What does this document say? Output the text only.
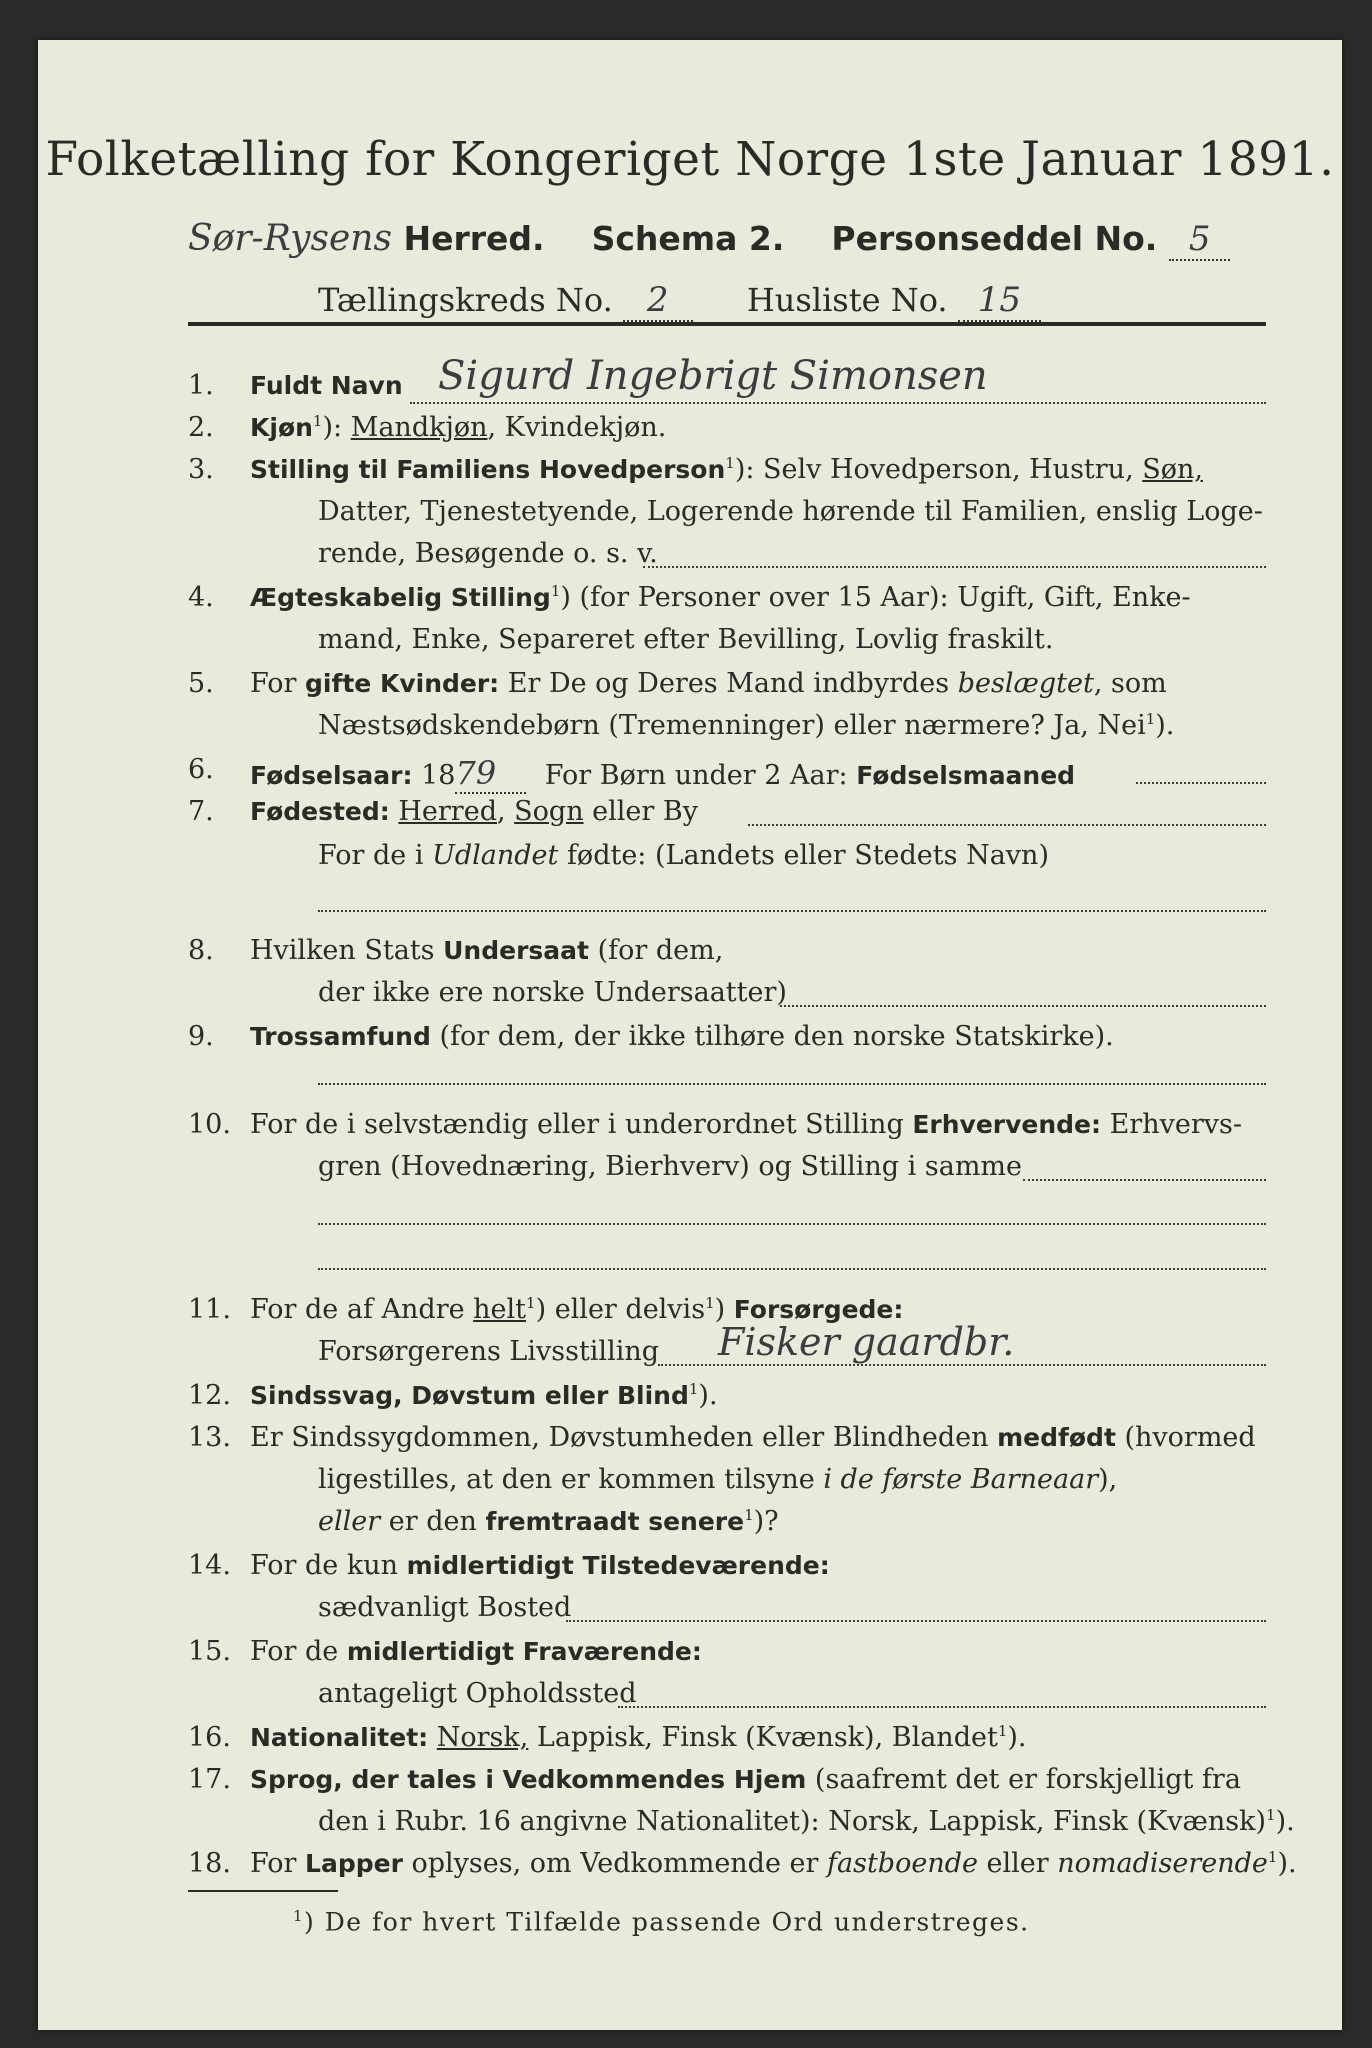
Folketælling for Kongeriget Norge 1ste Januar 1891.
Sør-Rysens Herred. Schema 2. Personseddel No. 5
Tællingskreds No. 2 Husliste No. 15
1. Fuldt Navn Sigurd Ingebrigt Simonsen
2. Kjøn$^1$): Mandkjøn, Kvindekjøn.
3. Stilling til Familiens Hovedperson$^1$): Selv Hovedperson, Hustru, Søn,
Datter, Tjenestetyende, Logerende hørende til Familien, enslig Loge-
rende, Besøgende o. s. v.
4. Ægteskabelig Stilling$^1$) (for Personer over 15 Aar): Ugift, Gift, Enke-
mand, Enke, Separeret efter Bevilling, Lovlig fraskilt.
5. For gifte Kvinder: Er De og Deres Mand indbyrdes beslægtet, som
Næstsødskendebørn (Tremenninger) eller nærmere? Ja, Nei$^1$).
6. Fødselsaar: 1879 For Børn under 2 Aar: Fødselsmaaned
7. Fødested: Herred, Sogn eller By
For de i Udlandet fødte: (Landets eller Stedets Navn)
8. Hvilken Stats Undersaat (for dem,
der ikke ere norske Undersaatter)
9. Trossamfund (for dem, der ikke tilhøre den norske Statskirke).
10. For de i selvstændig eller i underordnet Stilling Erhvervende: Erhvervs-
gren (Hovednæring, Bierhverv) og Stilling i samme
11. For de af Andre helt$^1$) eller delvis$^1$) Forsørgede:
Forsørgerens Livsstilling Fisker gaardbr.
12. Sindssvag, Døvstum eller Blind$^1$).
13. Er Sindssygdommen, Døvstumheden eller Blindheden medfødt (hvormed
ligestilles, at den er kommen tilsyne i de første Barneaar),
eller er den fremtraadt senere$^1$)?
14. For de kun midlertidigt Tilstedeværende:
sædvanligt Bosted
15. For de midlertidigt Fraværende:
antageligt Opholdssted
16. Nationalitet: Norsk, Lappisk, Finsk (Kvænsk), Blandet$^1$).
17. Sprog, der tales i Vedkommendes Hjem (saafremt det er forskjelligt fra
den i Rubr. 16 angivne Nationalitet): Norsk, Lappisk, Finsk (Kvænsk)$^1$).
18. For Lapper oplyses, om Vedkommende er fastboende eller nomadiserende$^1$).
$^1$) De for hvert Tilfælde passende Ord understreges.
